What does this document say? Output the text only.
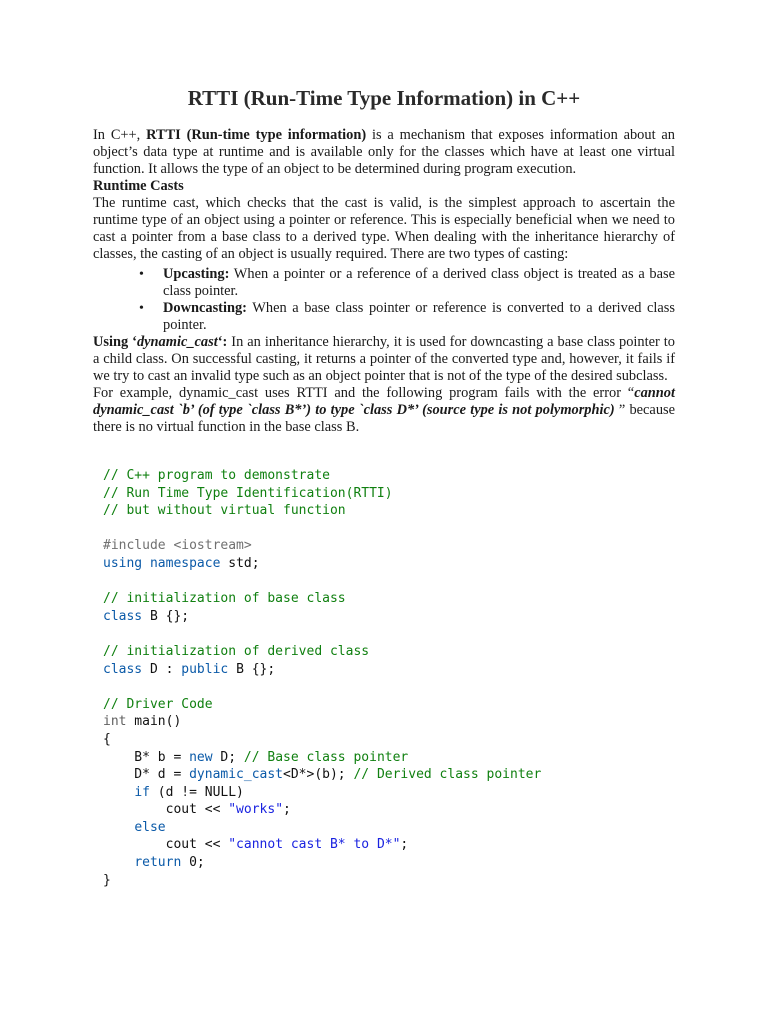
RTTI (Run-Time Type Information) in C++

In C++, RTTI (Run-time type information) is a mechanism that exposes information about an object’s data type at runtime and is available only for the classes which have at least one virtual function. It allows the type of an object to be determined during program execution.

Runtime Casts

The runtime cast, which checks that the cast is valid, is the simplest approach to ascertain the runtime type of an object using a pointer or reference. This is especially beneficial when we need to cast a pointer from a base class to a derived type. When dealing with the inheritance hierarchy of classes, the casting of an object is usually required. There are two types of casting:

• Upcasting: When a pointer or a reference of a derived class object is treated as a base class pointer.
• Downcasting: When a base class pointer or reference is converted to a derived class pointer.

Using ‘dynamic_cast‘: In an inheritance hierarchy, it is used for downcasting a base class pointer to a child class. On successful casting, it returns a pointer of the converted type and, however, it fails if we try to cast an invalid type such as an object pointer that is not of the type of the desired subclass.

For example, dynamic_cast uses RTTI and the following program fails with the error “cannot dynamic_cast `b’ (of type `class B*’) to type `class D*’ (source type is not polymorphic) ” because there is no virtual function in the base class B.

// C++ program to demonstrate
// Run Time Type Identification(RTTI)
// but without virtual function
#include <iostream>
using namespace std;
// initialization of base class
class B {};
// initialization of derived class
class D : public B {};
// Driver Code
int main()
{
B* b = new D; // Base class pointer
D* d = dynamic_cast<D*>(b); // Derived class pointer
if (d != NULL)
cout << "works";
else
cout << "cannot cast B* to D*";
return 0;
}
